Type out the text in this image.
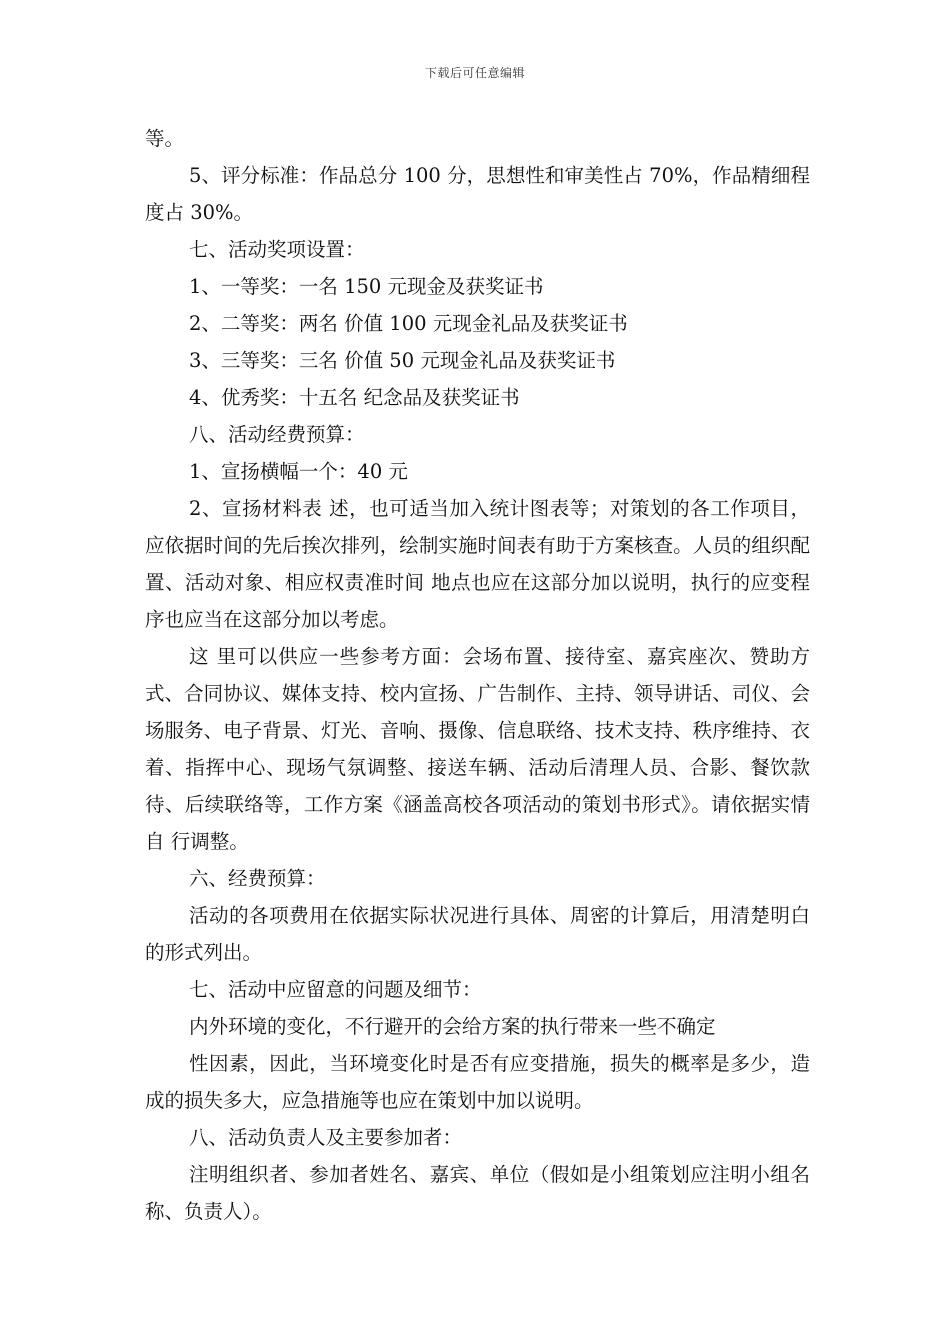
下载后可任意编辑

等。

5、评分标准：作品总分 100 分，思想性和审美性占 70%，作品精细程度占 30%。

七、活动奖项设置：

1、一等奖：一名 150 元现金及获奖证书

2、二等奖：两名 价值 100 元现金礼品及获奖证书

3、三等奖：三名 价值 50 元现金礼品及获奖证书

4、优秀奖：十五名 纪念品及获奖证书

八、活动经费预算：

1、宣扬横幅一个：40 元

2、宣扬材料表 述，也可适当加入统计图表等；对策划的各工作项目，应依据时间的先后挨次排列，绘制实施时间表有助于方案核查。人员的组织配置、活动对象、相应权责准时间 地点也应在这部分加以说明，执行的应变程序也应当在这部分加以考虑。

这 里可以供应一些参考方面：会场布置、接待室、嘉宾座次、赞助方式、合同协议、媒体支持、校内宣扬、广告制作、主持、领导讲话、司仪、会场服务、电子背景、灯光、音响、摄像、信息联络、技术支持、秩序维持、衣着、指挥中心、现场气氛调整、接送车辆、活动后清理人员、合影、餐饮款待、后续联络等，工作方案《涵盖高校各项活动的策划书形式》。请依据实情自 行调整。

六、经费预算：

活动的各项费用在依据实际状况进行具体、周密的计算后，用清楚明白的形式列出。

七、活动中应留意的问题及细节：

内外环境的变化，不行避开的会给方案的执行带来一些不确定

性因素，因此，当环境变化时是否有应变措施，损失的概率是多少，造成的损失多大，应急措施等也应在策划中加以说明。

八、活动负责人及主要参加者：

注明组织者、参加者姓名、嘉宾、单位（假如是小组策划应注明小组名称、负责人）。
